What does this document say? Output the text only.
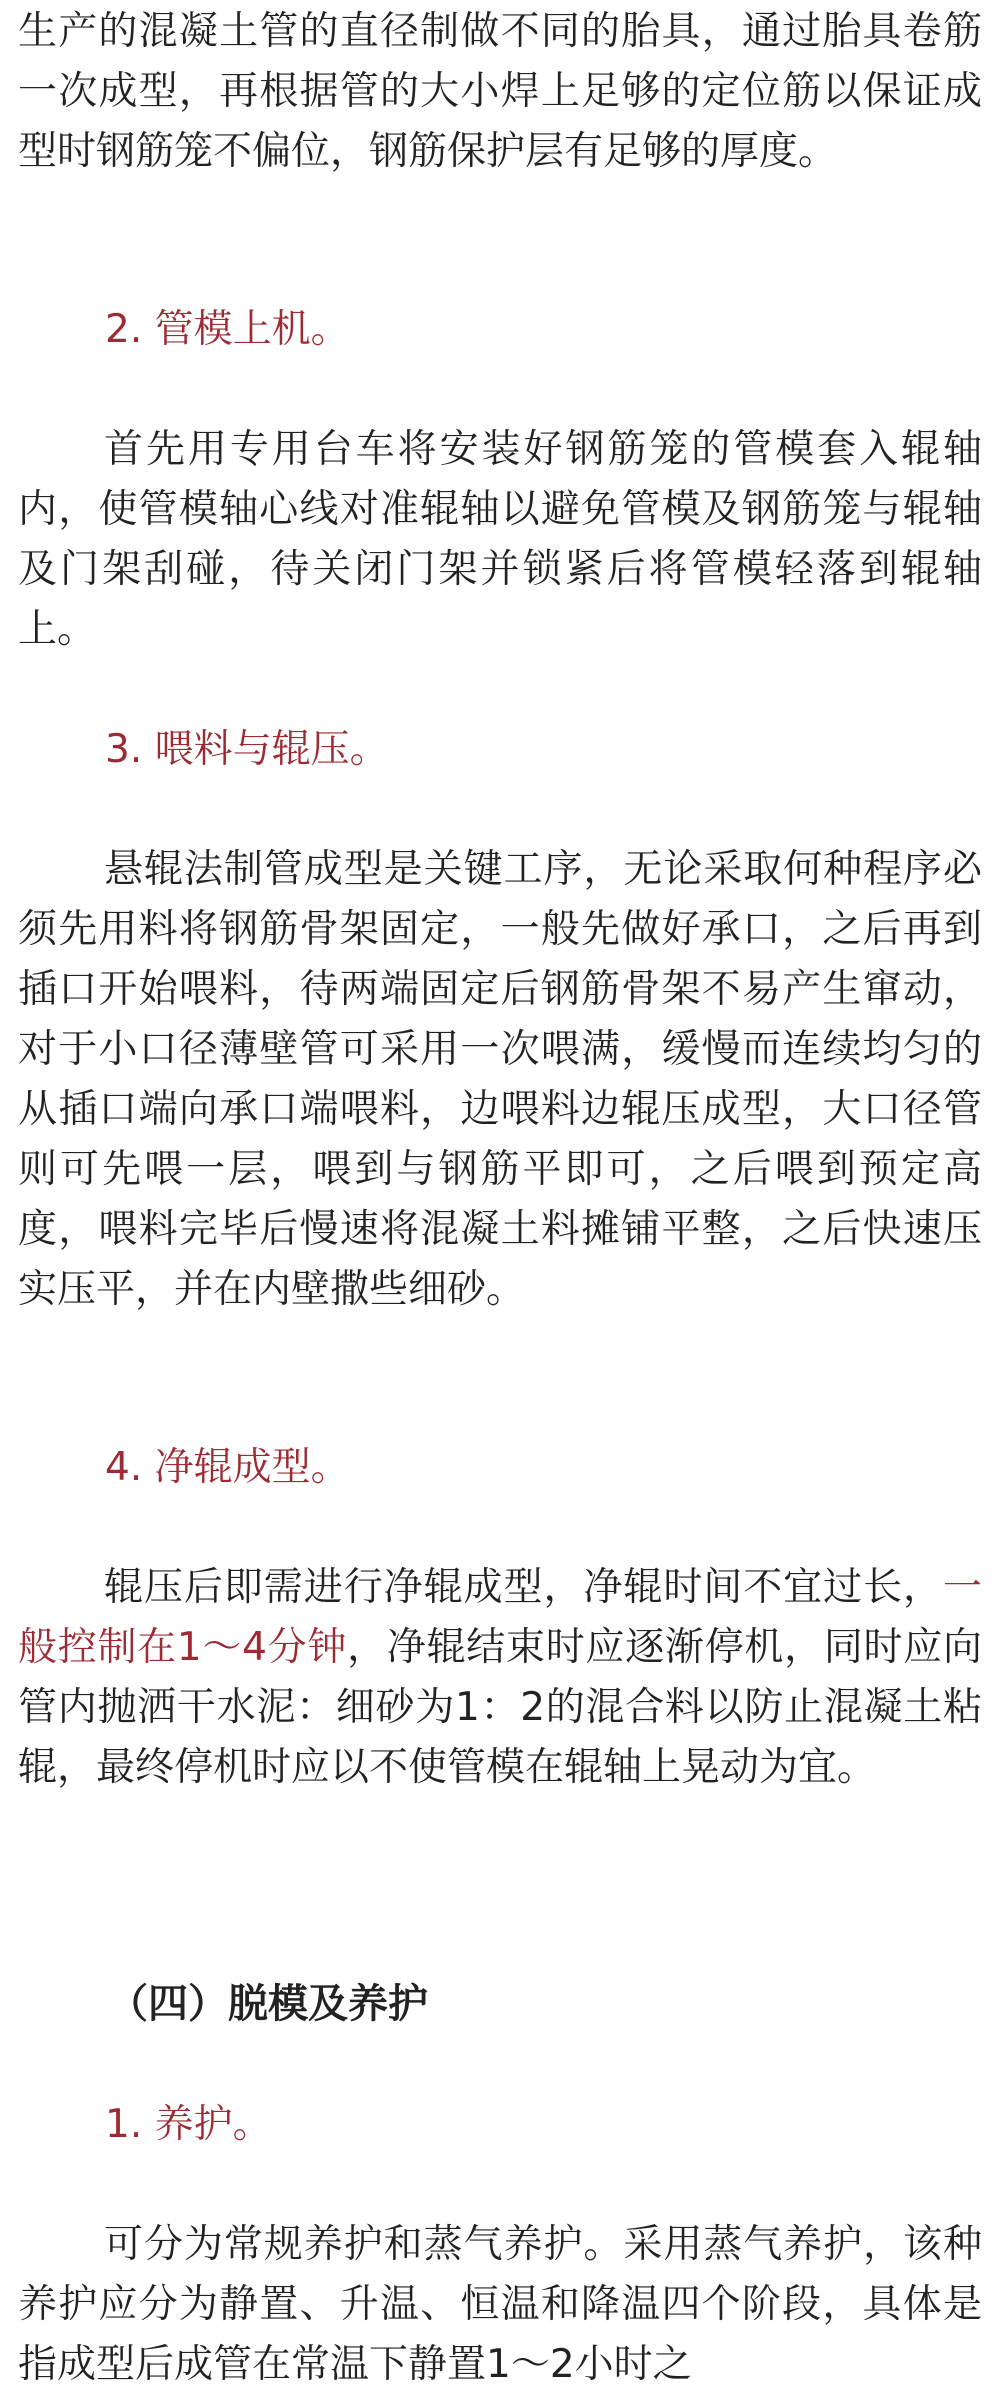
生产的混凝土管的直径制做不同的胎具，通过胎具卷筋一次成型，再根据管的大小焊上足够的定位筋以保证成型时钢筋笼不偏位，钢筋保护层有足够的厚度。

2. 管模上机。

首先用专用台车将安装好钢筋笼的管模套入辊轴内，使管模轴心线对准辊轴以避免管模及钢筋笼与辊轴及门架刮碰，待关闭门架并锁紧后将管模轻落到辊轴上。

3. 喂料与辊压。

悬辊法制管成型是关键工序，无论采取何种程序必须先用料将钢筋骨架固定，一般先做好承口，之后再到插口开始喂料，待两端固定后钢筋骨架不易产生窜动，对于小口径薄壁管可采用一次喂满，缓慢而连续均匀的从插口端向承口端喂料，边喂料边辊压成型，大口径管则可先喂一层，喂到与钢筋平即可，之后喂到预定高度，喂料完毕后慢速将混凝土料摊铺平整，之后快速压实压平，并在内壁撒些细砂。

4. 净辊成型。

辊压后即需进行净辊成型，净辊时间不宜过长，一般控制在1～4分钟，净辊结束时应逐渐停机，同时应向管内抛洒干水泥：细砂为1：2的混合料以防止混凝土粘辊，最终停机时应以不使管模在辊轴上晃动为宜。

（四）脱模及养护

1. 养护。

可分为常规养护和蒸气养护。采用蒸气养护，该种养护应分为静置、升温、恒温和降温四个阶段，具体是指成型后成管在常温下静置1～2小时之
